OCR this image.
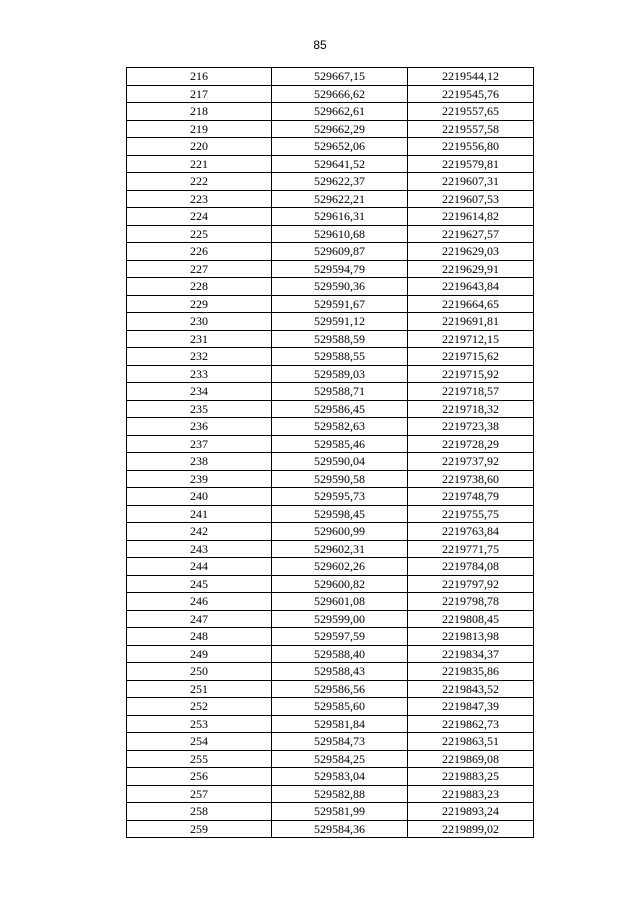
85
216	529667,15	2219544,12
217	529666,62	2219545,76
218	529662,61	2219557,65
219	529662,29	2219557,58
220	529652,06	2219556,80
221	529641,52	2219579,81
222	529622,37	2219607,31
223	529622,21	2219607,53
224	529616,31	2219614,82
225	529610,68	2219627,57
226	529609,87	2219629,03
227	529594,79	2219629,91
228	529590,36	2219643,84
229	529591,67	2219664,65
230	529591,12	2219691,81
231	529588,59	2219712,15
232	529588,55	2219715,62
233	529589,03	2219715,92
234	529588,71	2219718,57
235	529586,45	2219718,32
236	529582,63	2219723,38
237	529585,46	2219728,29
238	529590,04	2219737,92
239	529590,58	2219738,60
240	529595,73	2219748,79
241	529598,45	2219755,75
242	529600,99	2219763,84
243	529602,31	2219771,75
244	529602,26	2219784,08
245	529600,82	2219797,92
246	529601,08	2219798,78
247	529599,00	2219808,45
248	529597,59	2219813,98
249	529588,40	2219834,37
250	529588,43	2219835,86
251	529586,56	2219843,52
252	529585,60	2219847,39
253	529581,84	2219862,73
254	529584,73	2219863,51
255	529584,25	2219869,08
256	529583,04	2219883,25
257	529582,88	2219883,23
258	529581,99	2219893,24
259	529584,36	2219899,02
